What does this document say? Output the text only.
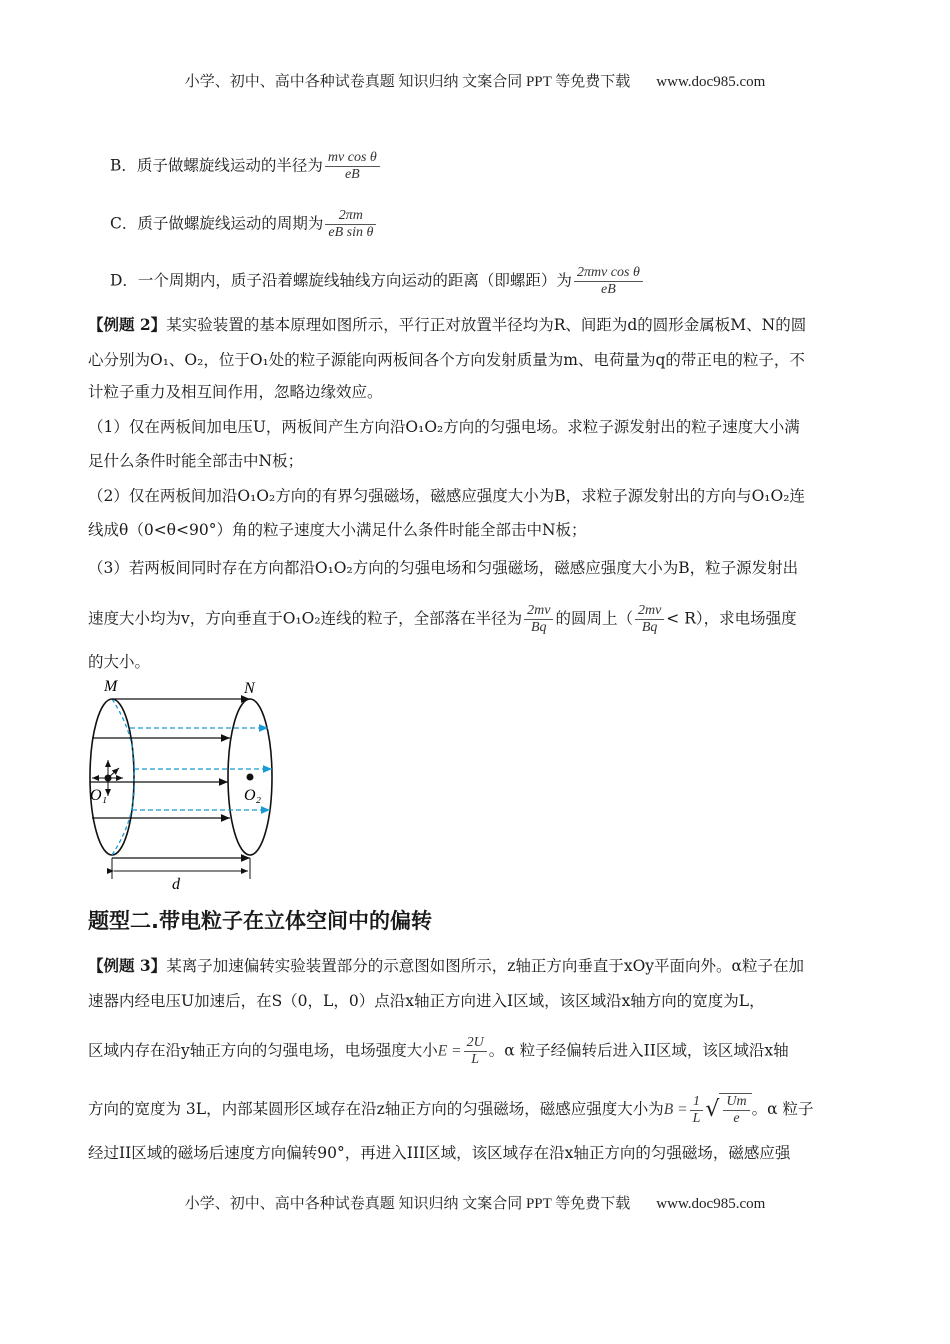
小学、初中、高中各种试卷真题 知识归纳 文案合同 PPT 等免费下载 www.doc985.com
B．质子做螺旋线运动的半径为 $\frac{\text{mv cos θ}}{eB}$
C．质子做螺旋线运动的周期为 $\frac{2\pi m}{\text{eB sin θ}}$
D．一个周期内，质子沿着螺旋线轴线方向运动的距离（即螺距）为 $\frac{\text{2πmv cos θ}}{eB}$
【例题 2】某实验装置的基本原理如图所示，平行正对放置半径均为R、间距为d的圆形金属板M、N的圆
心分别为O₁、O₂，位于O₁处的粒子源能向两板间各个方向发射质量为m、电荷量为q的带正电的粒子，不
计粒子重力及相互间作用，忽略边缘效应。
（1）仅在两板间加电压U，两板间产生方向沿O₁O₂方向的匀强电场。求粒子源发射出的粒子速度大小满
足什么条件时能全部击中N板；
（2）仅在两板间加沿O₁O₂方向的有界匀强磁场，磁感应强度大小为B，求粒子源发射出的方向与O₁O₂连
线成θ（0<θ<90°）角的粒子速度大小满足什么条件时能全部击中N板；
（3）若两板间同时存在方向都沿O₁O₂方向的匀强电场和匀强磁场，磁感应强度大小为B，粒子源发射出
速度大小均为v，方向垂直于O₁O₂连线的粒子，全部落在半径为 $\frac{2mv}{Bq}$ 的圆周上（ $\frac{2mv}{Bq} < R$），求电场强度
的大小。
M	N
O₁	O₂
d
题型二.带电粒子在立体空间中的偏转
【例题 3】某离子加速偏转实验装置部分的示意图如图所示，z轴正方向垂直于xOy平面向外。α粒子在加
速器内经电压U加速后，在S（0，L，0）点沿x轴正方向进入I区域，该区域沿x轴方向的宽度为L，
区域内存在沿y轴正方向的匀强电场，电场强度大小$E = \frac{2U}{L}$ 。α 粒子经偏转后进入II区域，该区域沿x轴
方向的宽度为 3L，内部某圆形区域存在沿z轴正方向的匀强磁场，磁感应强度大小为$B = \frac{1}{L}$ √ $\frac{Um}{e}$ 。α 粒子
经过II区域的磁场后速度方向偏转90°，再进入III区域，该区域存在沿x轴正方向的匀强磁场，磁感应强
小学、初中、高中各种试卷真题 知识归纳 文案合同 PPT 等免费下载 www.doc985.com
